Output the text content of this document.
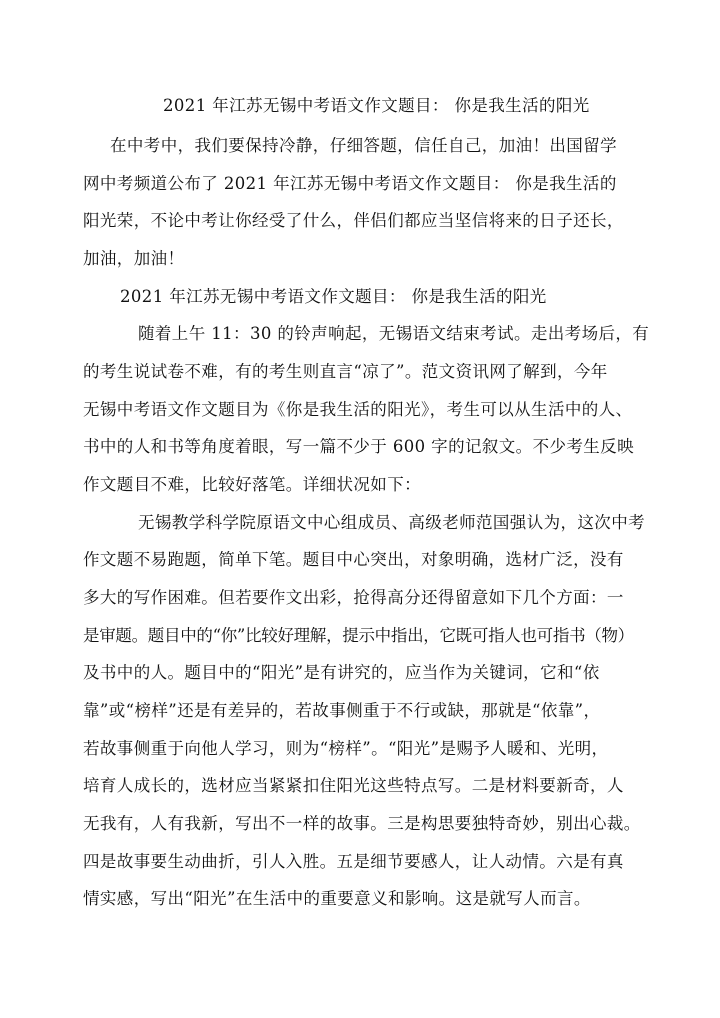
2021 年江苏无锡中考语文作文题目： 你是我生活的阳光
在中考中，我们要保持冷静，仔细答题，信任自己，加油！出国留学
网中考频道公布了 2021 年江苏无锡中考语文作文题目： 你是我生活的
阳光荣，不论中考让你经受了什么，伴侣们都应当坚信将来的日子还长，
加油，加油！
2021 年江苏无锡中考语文作文题目： 你是我生活的阳光
随着上午 11：30 的铃声响起，无锡语文结束考试。走出考场后，有
的考生说试卷不难，有的考生则直言“凉了”。范文资讯网了解到，今年
无锡中考语文作文题目为《你是我生活的阳光》，考生可以从生活中的人、
书中的人和书等角度着眼，写一篇不少于 600 字的记叙文。不少考生反映
作文题目不难，比较好落笔。详细状况如下：
无锡教学科学院原语文中心组成员、高级老师范国强认为，这次中考
作文题不易跑题，简单下笔。题目中心突出，对象明确，选材广泛，没有
多大的写作困难。但若要作文出彩，抢得高分还得留意如下几个方面：一
是审题。题目中的“你”比较好理解，提示中指出，它既可指人也可指书（物）
及书中的人。题目中的“阳光”是有讲究的，应当作为关键词，它和“依
靠”或“榜样”还是有差异的，若故事侧重于不行或缺，那就是“依靠”，
若故事侧重于向他人学习，则为“榜样”。“阳光”是赐予人暖和、光明，
培育人成长的，选材应当紧紧扣住阳光这些特点写。二是材料要新奇，人
无我有，人有我新，写出不一样的故事。三是构思要独特奇妙，别出心裁。
四是故事要生动曲折，引人入胜。五是细节要感人，让人动情。六是有真
情实感，写出“阳光”在生活中的重要意义和影响。这是就写人而言。
